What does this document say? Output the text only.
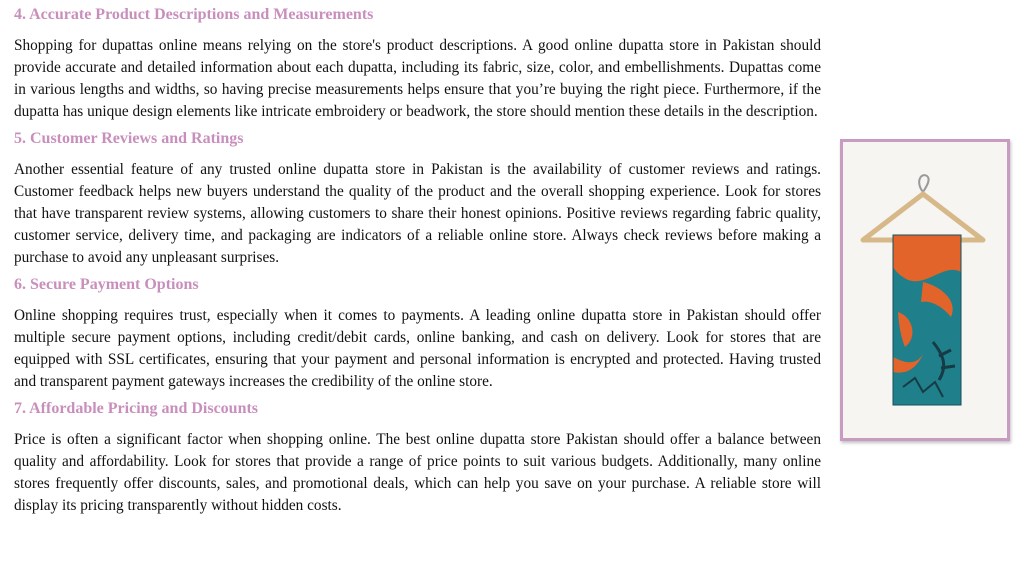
4. Accurate Product Descriptions and Measurements

Shopping for dupattas online means relying on the store's product descriptions. A good online dupatta store in Pakistan should provide accurate and detailed information about each dupatta, including its fabric, size, color, and embellishments. Dupattas come in various lengths and widths, so having precise measurements helps ensure that you’re buying the right piece. Furthermore, if the dupatta has unique design elements like intricate embroidery or beadwork, the store should mention these details in the description.

5. Customer Reviews and Ratings

Another essential feature of any trusted online dupatta store in Pakistan is the availability of customer reviews and ratings. Customer feedback helps new buyers understand the quality of the product and the overall shopping experience. Look for stores that have transparent review systems, allowing customers to share their honest opinions. Positive reviews regarding fabric quality, customer service, delivery time, and packaging are indicators of a reliable online store. Always check reviews before making a purchase to avoid any unpleasant surprises.

6. Secure Payment Options

Online shopping requires trust, especially when it comes to payments. A leading online dupatta store in Pakistan should offer multiple secure payment options, including credit/debit cards, online banking, and cash on delivery. Look for stores that are equipped with SSL certificates, ensuring that your payment and personal information is encrypted and protected. Having trusted and transparent payment gateways increases the credibility of the online store.

7. Affordable Pricing and Discounts

Price is often a significant factor when shopping online. The best online dupatta store Pakistan should offer a balance between quality and affordability. Look for stores that provide a range of price points to suit various budgets. Additionally, many online stores frequently offer discounts, sales, and promotional deals, which can help you save on your purchase. A reliable store will display its pricing transparently without hidden costs.
